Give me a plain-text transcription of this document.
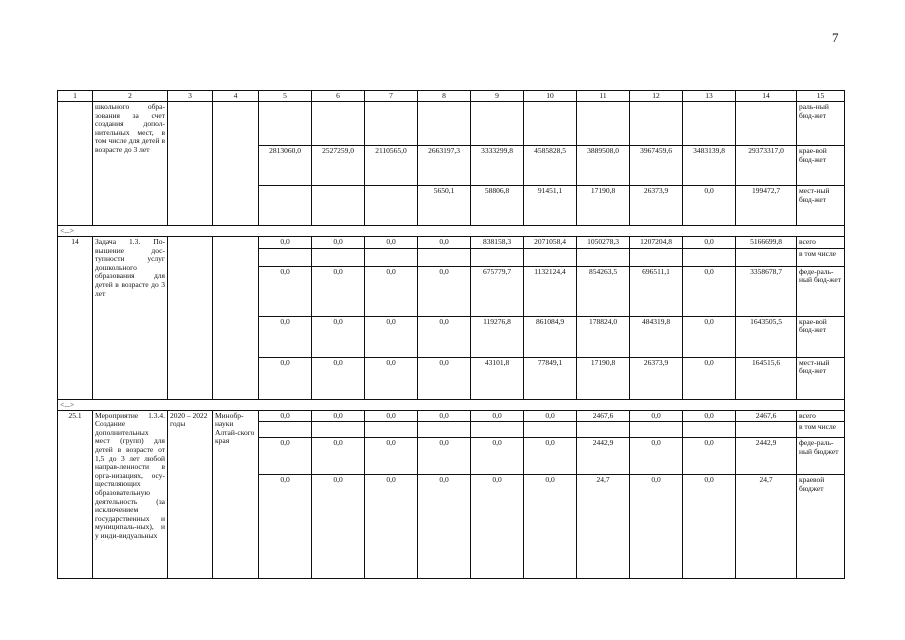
7
1	2	3	4	5	6	7	8	9	10	11	12	13	14	15
	школьного обра-зования за счет создания допол-нительных мест, в том числе для детей в возрасте до 3 лет													раль-ный бюд-жет
				2813060,0	2527259,0	2110565,0	2663197,3	3333299,8	4585828,5	3889508,0	3967459,6	3483139,8	29373317,0	крае-вой бюд-жет
							5650,1	58806,8	91451,1	17190,8	26373,9	0,0	199472,7	мест-ный бюд-жет
<...>														
14	Задача 1.3. По-вышение дос-тупности услуг дошкольного образования для детей в возрасте до 3 лет			0,0	0,0	0,0	0,0	838158,3	2071058,4	1050278,3	1207204,8	0,0	5166699,8	всего
														в том числе
				0,0	0,0	0,0	0,0	675779,7	1132124,4	854263,5	696511,1	0,0	3358678,7	феде-раль-ный бюд-жет
				0,0	0,0	0,0	0,0	119276,8	861084,9	178824,0	484319,8	0,0	1643505,5	крае-вой бюд-жет
				0,0	0,0	0,0	0,0	43101,8	77849,1	17190,8	26373,9	0,0	164515,6	мест-ный бюд-жет
<...>														
25.1	Мероприятие 1.3.4. Создание дополнительных мест (групп) для детей в возрасте от 1,5 до 3 лет любой направ-ленности в орга-низациях, осу-ществляющих образовательную деятельность (за исключением государственных и муниципаль-ных), и у инди-видуальных	2020 – 2022 годы	Минобр-науки Алтай-ского края	0,0	0,0	0,0	0,0	0,0	0,0	2467,6	0,0	0,0	2467,6	всего
														в том числе
				0,0	0,0	0,0	0,0	0,0	0,0	2442,9	0,0	0,0	2442,9	феде-раль-ный бюджет
				0,0	0,0	0,0	0,0	0,0	0,0	24,7	0,0	0,0	24,7	краевой бюджет
